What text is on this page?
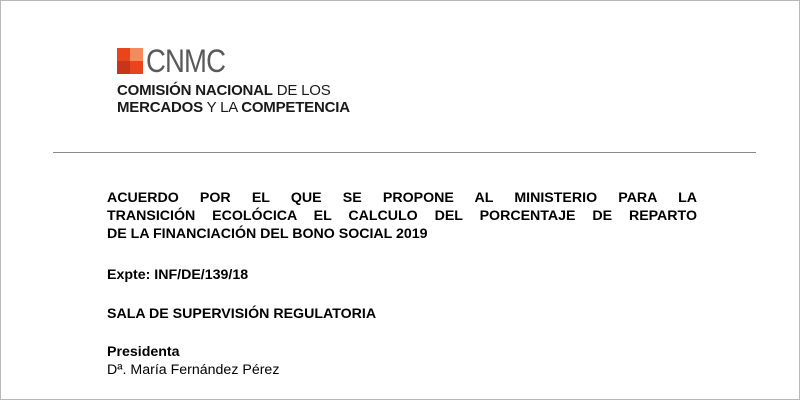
CNMC
COMISIÓN NACIONAL DE LOS
MERCADOS Y LA COMPETENCIA
ACUERDO POR EL QUE SE PROPONE AL MINISTERIO PARA LA
TRANSICIÓN ECOLÓCICA EL CALCULO DEL PORCENTAJE DE REPARTO
DE LA FINANCIACIÓN DEL BONO SOCIAL 2019
Expte: INF/DE/139/18
SALA DE SUPERVISIÓN REGULATORIA
Presidenta
Dª. María Fernández Pérez
